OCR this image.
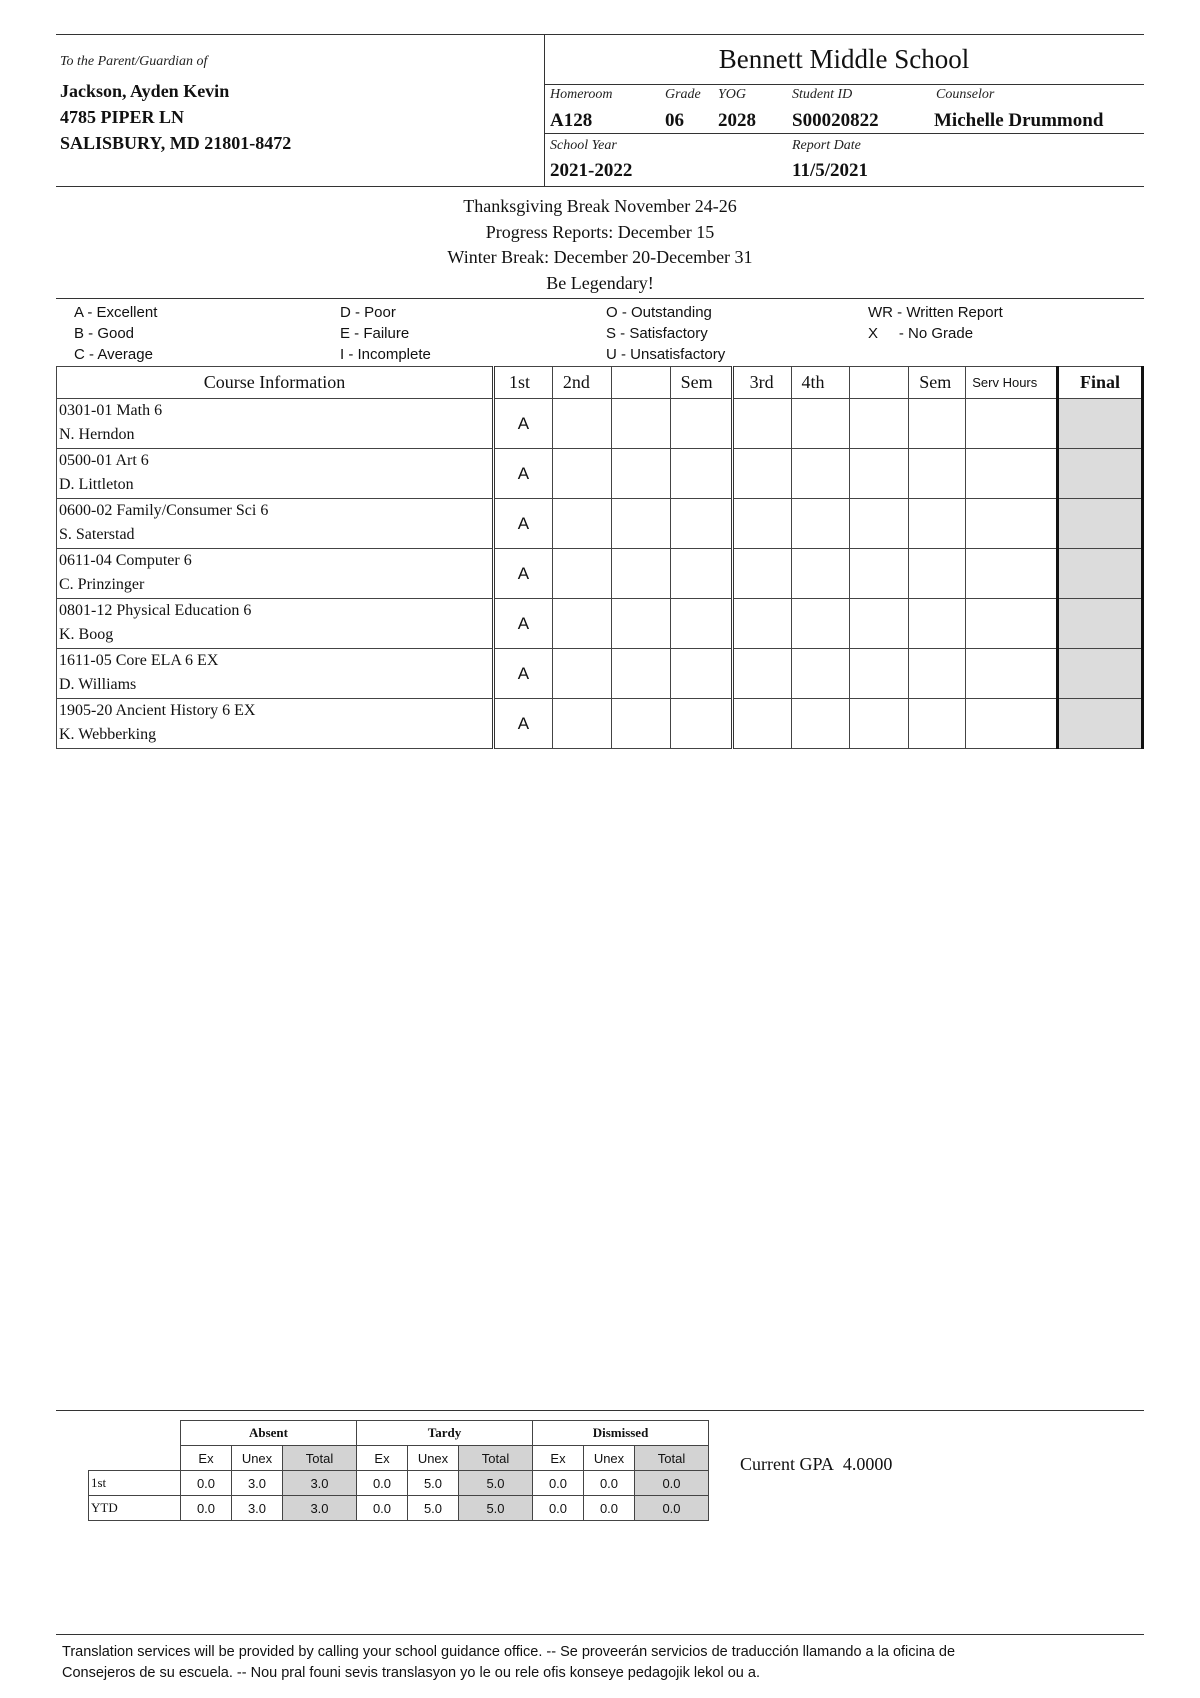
To the Parent/Guardian of
Jackson, Ayden Kevin
4785 PIPER LN
SALISBURY, MD 21801-8472
Bennett Middle School
Homeroom
A128
Grade
06
YOG
2028
Student ID
S00020822
Counselor
Michelle Drummond
School Year
2021-2022
Report Date
11/5/2021
Thanksgiving Break November 24-26
Progress Reports: December 15
Winter Break: December 20-December 31
Be Legendary!
A - Excellent
B - Good
C - Average
D - Poor
E - Failure
I - Incomplete
O - Outstanding
S - Satisfactory
U - Unsatisfactory
WR - Written Report
X     - No Grade
Course Information	1st	2nd		Sem	3rd	4th		Sem	Serv Hours	Final

0301-01 Math 6
N. Herndon	A									

0500-01 Art 6
D. Littleton	A									

0600-02 Family/Consumer Sci 6
S. Saterstad	A									

0611-04 Computer 6
C. Prinzinger	A									

0801-12 Physical Education 6
K. Boog	A									

1611-05 Core ELA 6 EX
D. Williams	A									

1905-20 Ancient History 6 EX
K. Webberking	A									
	Absent			Tardy			Dismissed		
	Ex	Unex	Total	Ex	Unex	Total	Ex	Unex	Total
1st	0.0	3.0	3.0	0.0	5.0	5.0	0.0	0.0	0.0
YTD	0.0	3.0	3.0	0.0	5.0	5.0	0.0	0.0	0.0
Current GPA 4.0000
Translation services will be provided by calling your school guidance office. -- Se proveerán servicios de traducción llamando a la oficina de
Consejeros de su escuela. -- Nou pral founi sevis translasyon yo le ou rele ofis konseye pedagojik lekol ou a.
